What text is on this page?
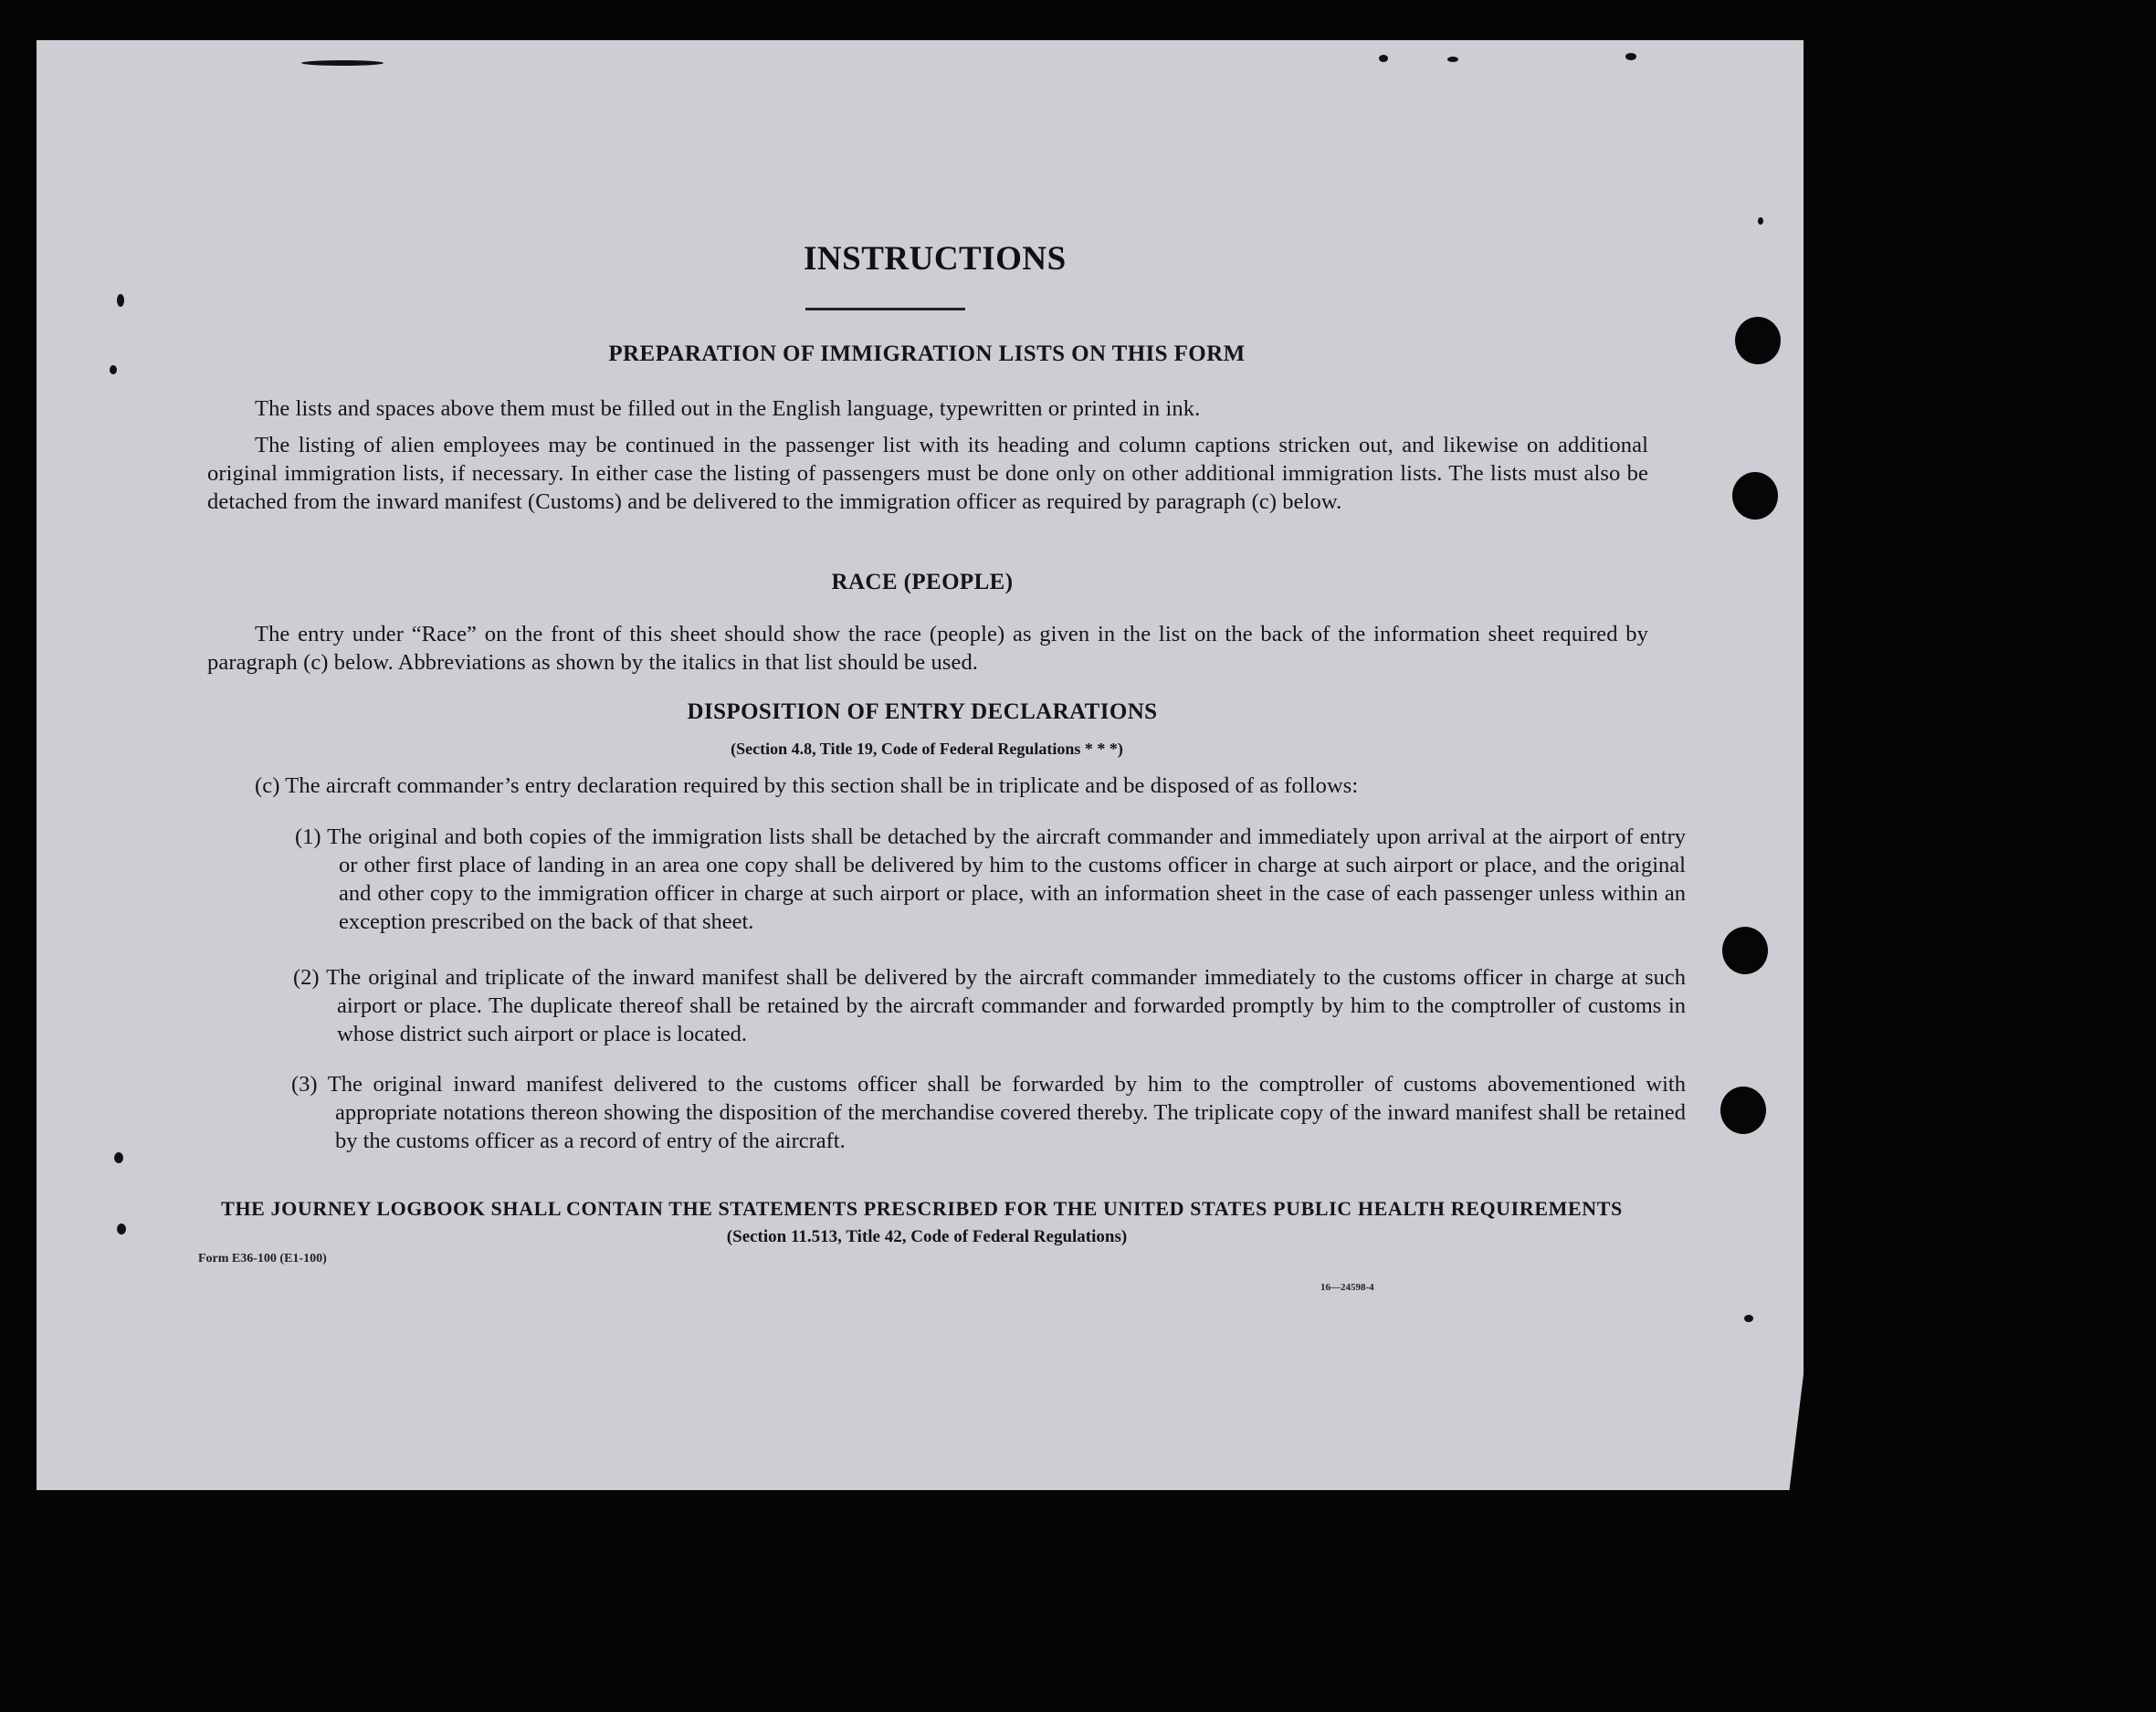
INSTRUCTIONS
PREPARATION OF IMMIGRATION LISTS ON THIS FORM

The lists and spaces above them must be filled out in the English language, typewritten or printed in ink.

The listing of alien employees may be continued in the passenger list with its heading and column captions stricken out, and likewise on additional original immigration lists, if necessary. In either case the listing of passengers must be done only on other additional immigration lists. The lists must also be detached from the inward manifest (Customs) and be delivered to the immigration officer as required by paragraph (c) below.

RACE (PEOPLE)

The entry under “Race” on the front of this sheet should show the race (people) as given in the list on the back of the information sheet required by paragraph (c) below. Abbreviations as shown by the italics in that list should be used.

DISPOSITION OF ENTRY DECLARATIONS
(Section 4.8, Title 19, Code of Federal Regulations * * *)

(c) The aircraft commander’s entry declaration required by this section shall be in triplicate and be disposed of as follows:

(1) The original and both copies of the immigration lists shall be detached by the aircraft commander and immediately upon arrival at the airport of entry or other first place of landing in an area one copy shall be delivered by him to the customs officer in charge at such airport or place, and the original and other copy to the immigration officer in charge at such airport or place, with an information sheet in the case of each passenger unless within an exception prescribed on the back of that sheet.
(2) The original and triplicate of the inward manifest shall be delivered by the aircraft commander immediately to the customs officer in charge at such airport or place. The duplicate thereof shall be retained by the aircraft commander and forwarded promptly by him to the comptroller of customs in whose district such airport or place is located.
(3) The original inward manifest delivered to the customs officer shall be forwarded by him to the comptroller of customs abovementioned with appropriate notations thereon showing the disposition of the merchandise covered thereby. The triplicate copy of the inward manifest shall be retained by the customs officer as a record of entry of the aircraft.
THE JOURNEY LOGBOOK SHALL CONTAIN THE STATEMENTS PRESCRIBED FOR THE UNITED STATES PUBLIC HEALTH REQUIREMENTS
(Section 11.513, Title 42, Code of Federal Regulations)
Form E36-100 (E1-100)
16—24598-4
